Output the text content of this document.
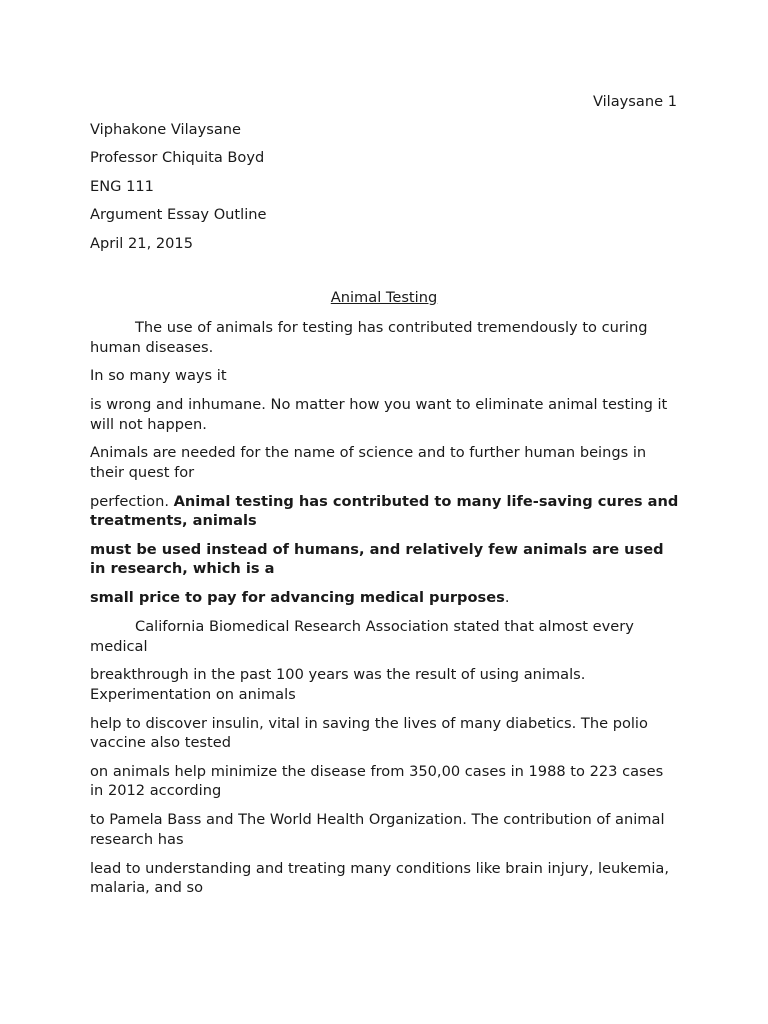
Vilaysane 1
Viphakone Vilaysane
Professor Chiquita Boyd
ENG 111
Argument Essay Outline
April 21, 2015
Animal Testing

The use of animals for testing has contributed tremendously to curing human diseases.

In so many ways it

is wrong and inhumane. No matter how you want to eliminate animal testing it will not happen.

Animals are needed for the name of science and to further human beings in their quest for

perfection. Animal testing has contributed to many life-saving cures and treatments, animals

must be used instead of humans, and relatively few animals are used in research, which is a

small price to pay for advancing medical purposes.

California Biomedical Research Association stated that almost every medical

breakthrough in the past 100 years was the result of using animals. Experimentation on animals

help to discover insulin, vital in saving the lives of many diabetics. The polio vaccine also tested

on animals help minimize the disease from 350,00 cases in 1988 to 223 cases in 2012 according

to Pamela Bass and The World Health Organization. The contribution of animal research has

lead to understanding and treating many conditions like brain injury, leukemia, malaria, and so
